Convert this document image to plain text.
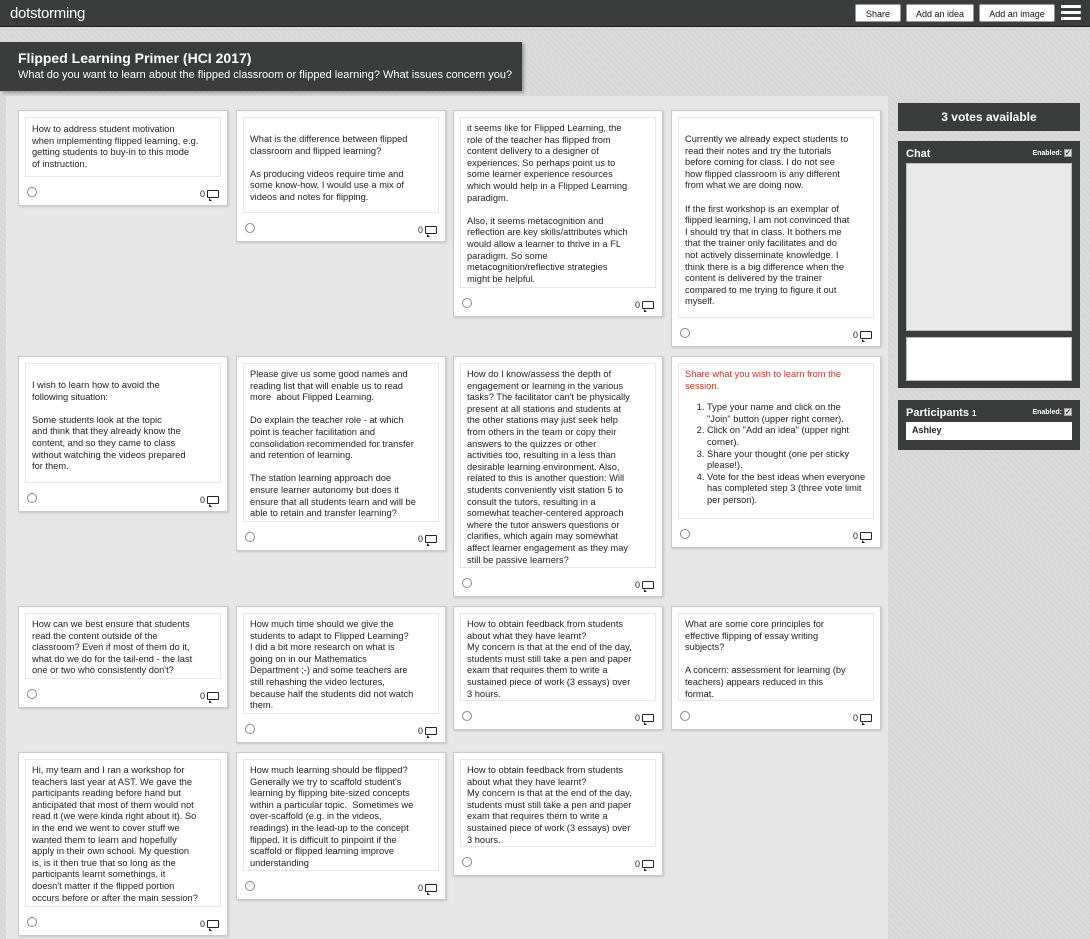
dotstorming	Share	Add an idea	Add an image
Flipped Learning Primer (HCI 2017)
What do you want to learn about the flipped classroom or flipped learning? What issues concern you?
How to address student motivation
when implementing flipped learning, e.g.
getting students to buy-in to this mode
of instruction.
0
What is the difference between flipped
classroom and flipped learning?

As producing videos require time and
some know-how, I would use a mix of
videos and notes for flipping.
0
it seems like for Flipped Learning, the
role of the teacher has flipped from
content delivery to a designer of
experiences. So perhaps point us to
some learner experience resources
which would help in a Flipped Learning
paradigm.

Also, it seems metacognition and
reflection are key skills/attributes which
would allow a learner to thrive in a FL
paradigm. So some
metacognition/reflective strategies
might be helpful.
0
Currently we already expect students to
read their notes and try the tutorials
before coming for class. I do not see
how flipped classroom is any different
from what we are doing now.

If the first workshop is an exemplar of
flipped learning, I am not convinced that
I should try that in class. It bothers me
that the trainer only facilitates and do
not actively disseminate knowledge. I
think there is a big difference when the
content is delivered by the trainer
compared to me trying to figure it out
myself.
0
I wish to learn how to avoid the
following situation:

Some students look at the topic
and think that they already know the
content, and so they came to class
without watching the videos prepared
for them.
0
Please give us some good names and
reading list that will enable us to read
more  about Flipped Learning.

Do explain the teacher role - at which
point is teacher facilitation and
consolidation recommended for transfer
and retention of learning.

The station learning approach doe
ensure learner autonomy but does it
ensure that all students learn and will be
able to retain and transfer learning?
0
How do I know/assess the depth of
engagement or learning in the various
tasks? The facilitator can't be physically
present at all stations and students at
the other stations may just seek help
from others in the team or copy their
answers to the quizzes or other
activities too, resulting in a less than
desirable learning environment. Also,
related to this is another question: Will
students conveniently visit station 5 to
consult the tutors, resulting in a
somewhat teacher-centered approach
where the tutor answers questions or
clarifies, which again may somewhat
affect learner engagement as they may
still be passive learners?
0
Share what you wish to learn from the
session.
1. Type your name and click on the "Join" button (upper right corner).
2. Click on "Add an idea" (upper right corner).
3. Share your thought (one per sticky please!).
4. Vote for the best ideas when everyone has completed step 3 (three vote limit per person).
0
How can we best ensure that students
read the content outside of the
classroom? Even if most of them do it,
what do we do for the tail-end - the last
one or two who consistently don't?
0
How much time should we give the
students to adapt to Flipped Learning?
I did a bit more research on what is
going on in our Mathematics
Department ;-) and some teachers are
still rehashing the video lectures,
because half the students did not watch
them.
0
How to obtain feedback from students
about what they have learnt?
My concern is that at the end of the day,
students must still take a pen and paper
exam that requires them to write a
sustained piece of work (3 essays) over
3 hours.
0
What are some core principles for
effective flipping of essay writing
subjects?

A concern: assessment for learning (by
teachers) appears reduced in this
format.
0
Hi, my team and I ran a workshop for
teachers last year at AST. We gave the
participants reading before hand but
anticipated that most of them would not
read it (we were kinda right about it). So
in the end we went to cover stuff we
wanted them to learn and hopefully
apply in their own school. My question
is, is it then true that so long as the
participants learnt somethings, it
doesn't matter if the flipped portion
occurs before or after the main session?
0
How much learning should be flipped?
Generally we try to scaffold student's
learning by flipping bite-sized concepts
within a particular topic.  Sometimes we
over-scaffold (e.g. in the videos,
readings) in the lead-up to the concept
flipped. It is difficult to pinpoint if the
scaffold or flipped learning improve
understanding
0
How to obtain feedback from students
about what they have learnt?
My concern is that at the end of the day,
students must still take a pen and paper
exam that requires them to write a
sustained piece of work (3 essays) over
3 hours.
0
3 votes available
Chat	Enabled: ✓
Participants 1	Enabled: ✓
Ashley
